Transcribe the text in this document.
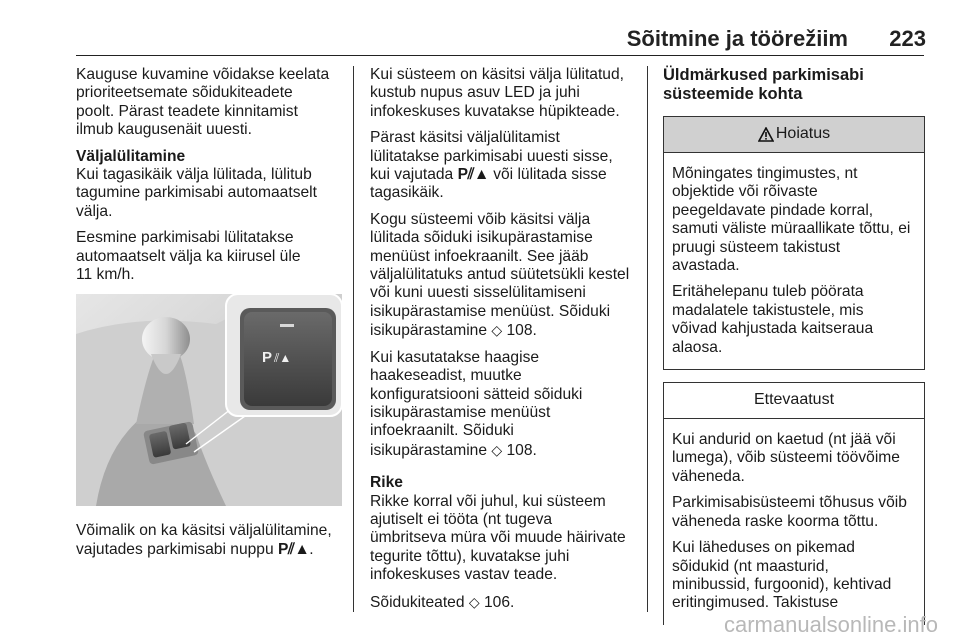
Sõitmine ja töörežiim 223

Kauguse kuvamine võidakse keelata
prioriteetsemate sõidukiteadete
poolt. Pärast teadete kinnitamist
ilmub kaugusenäit uuesti.

Väljalülitamine

Kui tagasikäik välja lülitada, lülitub
tagumine parkimisabi automaatselt
välja.

Eesmine parkimisabi lülitatakse
automaatselt välja ka kiirusel üle
11 km/h.

P ⫽▲

Võimalik on ka käsitsi väljalülitamine,
vajutades parkimisabi nuppu P⫽▲.

Kui süsteem on käsitsi välja lülitatud,
kustub nupus asuv LED ja juhi
infokeskuses kuvatakse hüpikteade.

Pärast käsitsi väljalülitamist
lülitatakse parkimisabi uuesti sisse,
kui vajutada P⫽▲ või lülitada sisse
tagasikäik.

Kogu süsteemi võib käsitsi välja
lülitada sõiduki isikupärastamise
menüüst infoekraanilt. See jääb
väljalülitatuks antud süütetsükli kestel
või kuni uuesti sisselülitamiseni
isikupärastamise menüüst. Sõiduki
isikupärastamine ◇ 108.

Kui kasutatakse haagise
haakeseadist, muutke
konfiguratsiooni sätteid sõiduki
isikupärastamise menüüst
infoekraanilt. Sõiduki
isikupärastamine ◇ 108.

Rike

Rikke korral või juhul, kui süsteem
ajutiselt ei tööta (nt tugeva
ümbritseva müra või muude häirivate
tegurite tõttu), kuvatakse juhi
infokeskuses vastav teade.

Sõidukiteated ◇ 106.

Üldmärkused parkimisabi
süsteemide kohta
Hoiatus

Mõningates tingimustes, nt
objektide või rõivaste
peegeldavate pindade korral,
samuti väliste müraallikate tõttu, ei
pruugi süsteem takistust
avastada.

Eritähelepanu tuleb pöörata
madalatele takistustele, mis
võivad kahjustada kaitseraua
alaosa.

Ettevaatust

Kui andurid on kaetud (nt jää või
lumega), võib süsteemi töövõime
väheneda.

Parkimisabisüsteemi tõhusus võib
väheneda raske koorma tõttu.

Kui läheduses on pikemad
sõidukid (nt maasturid,
minibussid, furgoonid), kehtivad
eritingimused. Takistuse

carmanualsonline.info
